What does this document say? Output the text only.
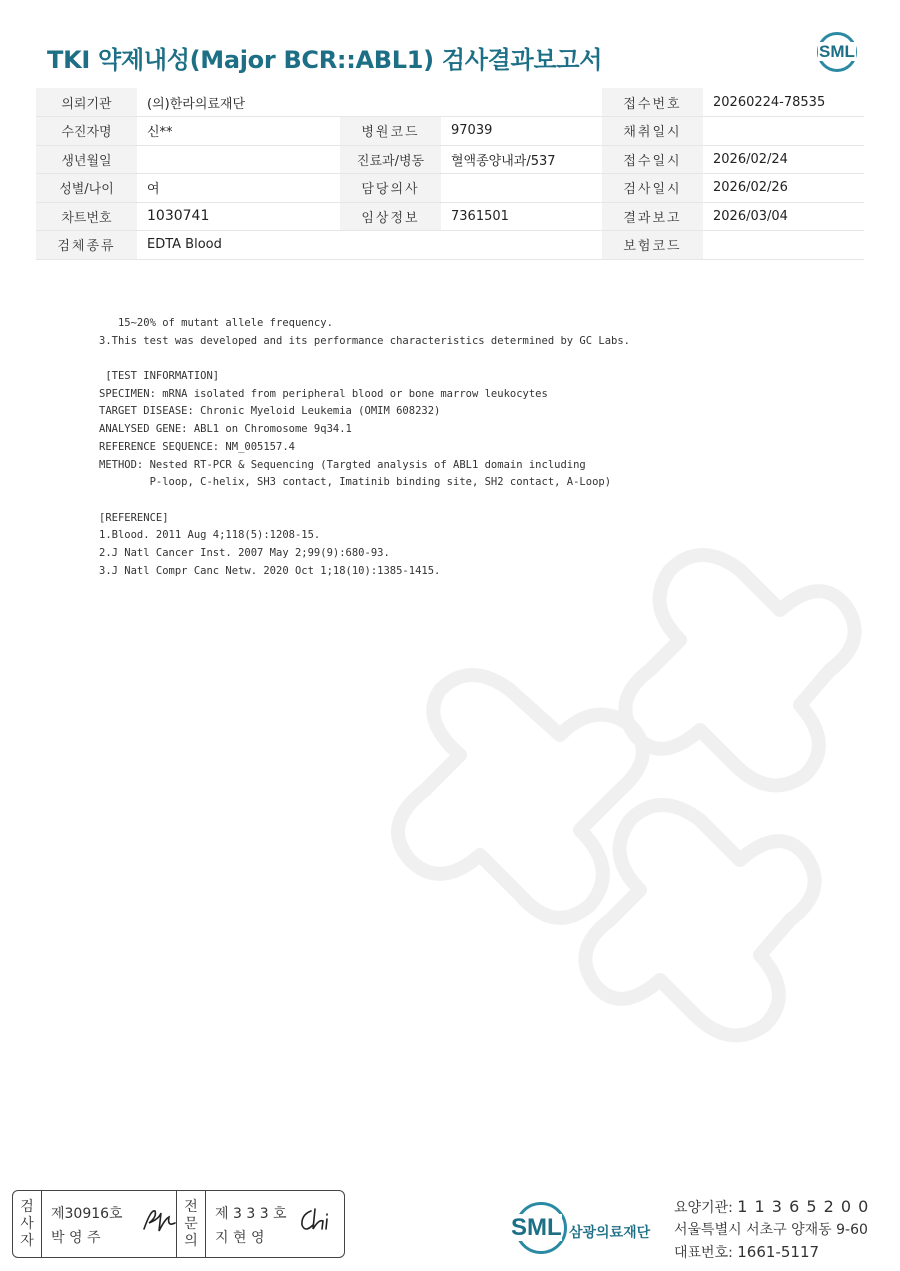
TKI 약제내성(Major BCR::ABL1) 검사결과보고서	SML
의뢰기관	(의)한라의료재단			접수번호	20260224-78535
수진자명	신**	병원코드	97039	채취일시	
생년월일		진료과/병동	혈액종양내과/537	접수일시	2026/02/24
성별/나이	여	담당의사		검사일시	2026/02/26
차트번호	1030741	임상정보	7361501	결과보고	2026/03/04
검체종류	EDTA Blood			보험코드	
15~20% of mutant allele frequency.
3.This test was developed and its performance characteristics determined by GC Labs.
[TEST INFORMATION]
SPECIMEN: mRNA isolated from peripheral blood or bone marrow leukocytes
TARGET DISEASE: Chronic Myeloid Leukemia (OMIM 608232)
ANALYSED GENE: ABL1 on Chromosome 9q34.1
REFERENCE SEQUENCE: NM_005157.4
METHOD: Nested RT-PCR & Sequencing (Targted analysis of ABL1 domain including
P-loop, C-helix, SH3 contact, Imatinib binding site, SH2 contact, A-Loop)
[REFERENCE]
1.Blood. 2011 Aug 4;118(5):1208-15.
2.J Natl Cancer Inst. 2007 May 2;99(9):680-93.
3.J Natl Compr Canc Netw. 2020 Oct 1;18(10):1385-1415.
검
사
자
제30916호
박 영 주
전
문
의
제 3 3 3 호
지 현 영	SML 삼광의료재단
요양기관: 1 1 3 6 5 2 0 0
서울특별시 서초구 양재동 9-60
대표번호: 1661-5117
